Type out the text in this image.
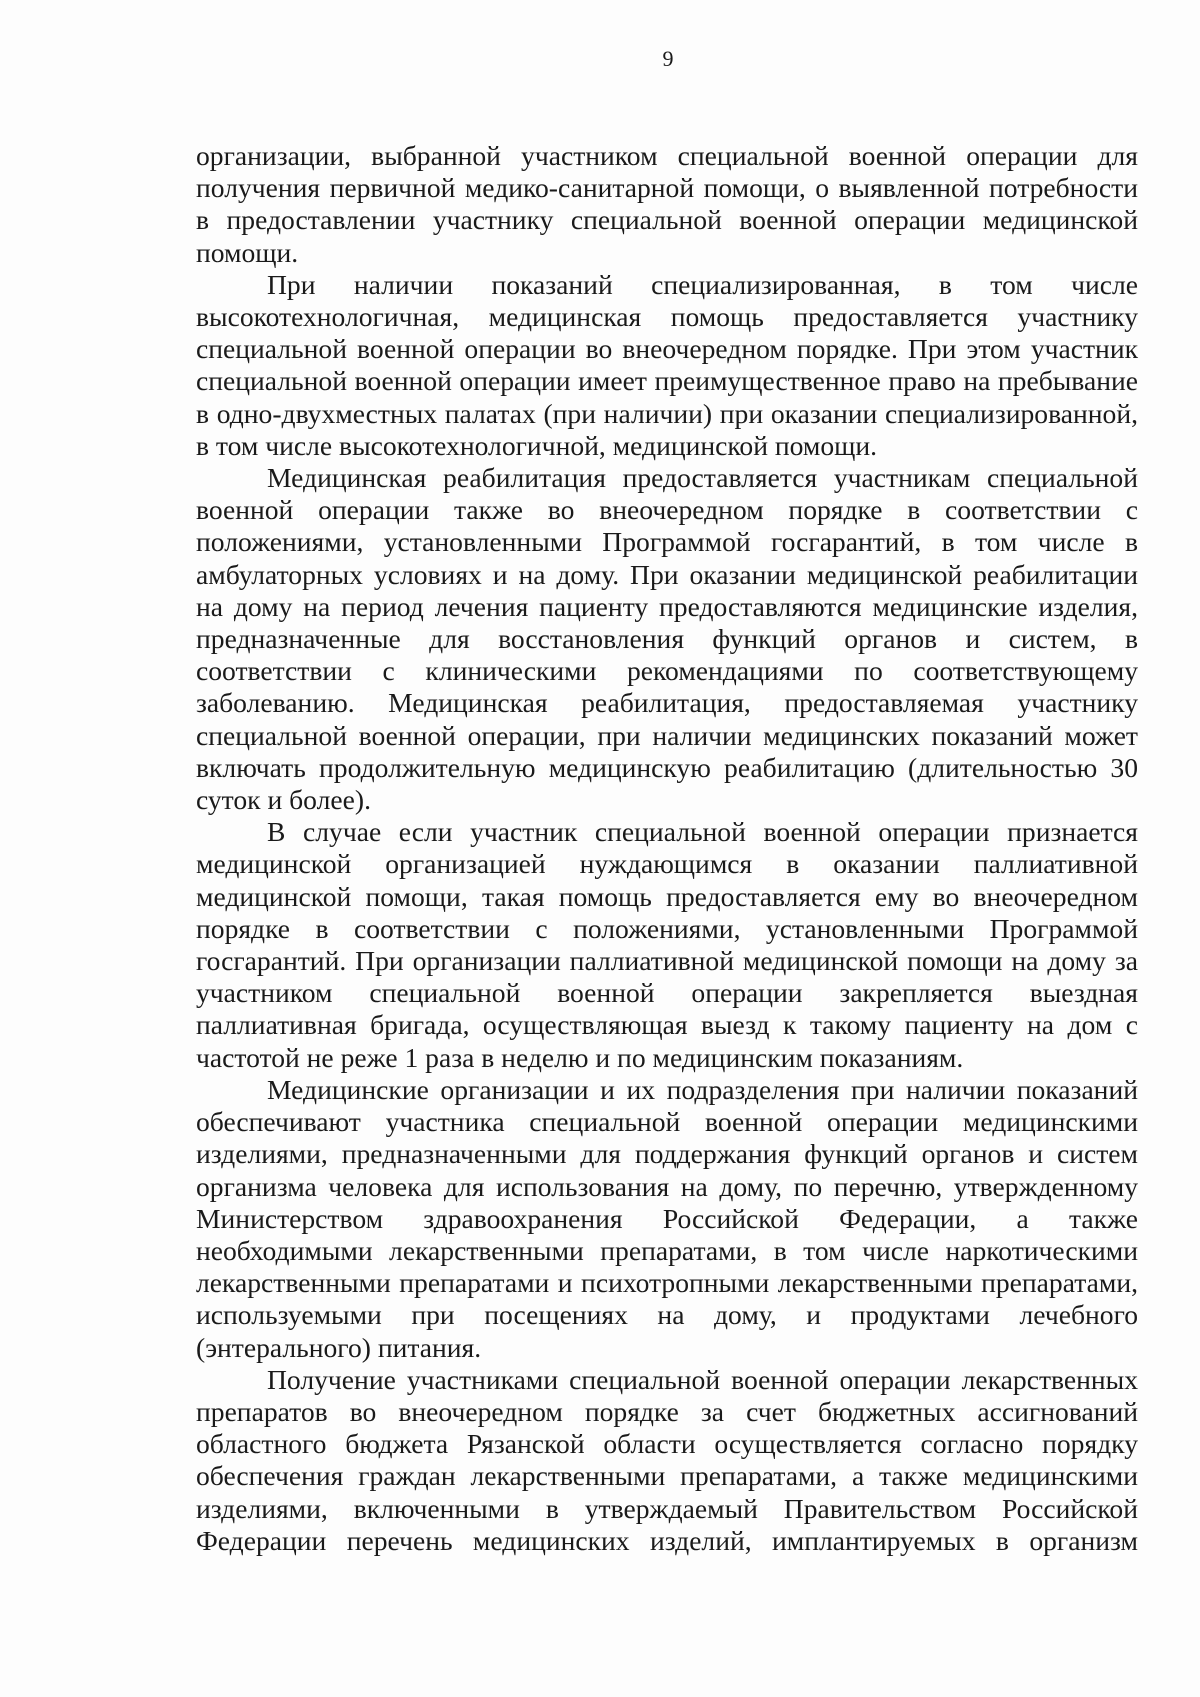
9

организации, выбранной участником специальной военной операции для получения первичной медико-санитарной помощи, о выявленной потребности в предоставлении участнику специальной военной операции медицинской помощи.

При наличии показаний специализированная, в том числе высокотехнологичная, медицинская помощь предоставляется участнику специальной военной операции во внеочередном порядке. При этом участник специальной военной операции имеет преимущественное право на пребывание в одно-двухместных палатах (при наличии) при оказании специализированной, в том числе высокотехнологичной, медицинской помощи.

Медицинская реабилитация предоставляется участникам специальной военной операции также во внеочередном порядке в соответствии с положениями, установленными Программой госгарантий, в том числе в амбулаторных условиях и на дому. При оказании медицинской реабилитации на дому на период лечения пациенту предоставляются медицинские изделия, предназначенные для восстановления функций органов и систем, в соответствии с клиническими рекомендациями по соответствующему заболеванию. Медицинская реабилитация, предоставляемая участнику специальной военной операции, при наличии медицинских показаний может включать продолжительную медицинскую реабилитацию (длительностью 30 суток и более).

В случае если участник специальной военной операции признается медицинской организацией нуждающимся в оказании паллиативной медицинской помощи, такая помощь предоставляется ему во внеочередном порядке в соответствии с положениями, установленными Программой госгарантий. При организации паллиативной медицинской помощи на дому за участником специальной военной операции закрепляется выездная паллиативная бригада, осуществляющая выезд к такому пациенту на дом с частотой не реже 1 раза в неделю и по медицинским показаниям.

Медицинские организации и их подразделения при наличии показаний обеспечивают участника специальной военной операции медицинскими изделиями, предназначенными для поддержания функций органов и систем организма человека для использования на дому, по перечню, утвержденному Министерством здравоохранения Российской Федерации, а также необходимыми лекарственными препаратами, в том числе наркотическими лекарственными препаратами и психотропными лекарственными препаратами, используемыми при посещениях на дому, и продуктами лечебного (энтерального) питания.

Получение участниками специальной военной операции лекарственных препаратов во внеочередном порядке за счет бюджетных ассигнований областного бюджета Рязанской области осуществляется согласно порядку обеспечения граждан лекарственными препаратами, а также медицинскими изделиями, включенными в утверждаемый Правительством Российской Федерации перечень медицинских изделий, имплантируемых в организм
